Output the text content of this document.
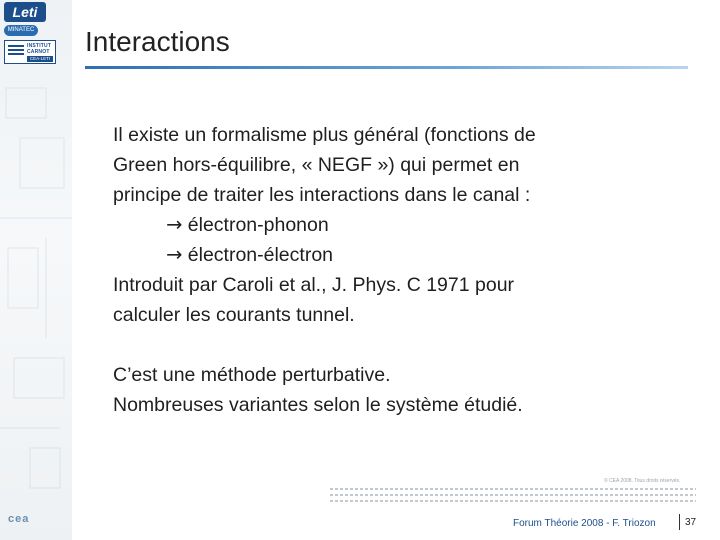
Leti
MINATEC
INSTITUT
CARNOT
CEA-LETI
cea
Interactions
Il existe un formalisme plus général (fonctions de
Green hors-équilibre, « NEGF ») qui permet en
principe de traiter les interactions dans le canal :
→ électron-phonon
→ électron-électron
Introduit par Caroli et al., J. Phys. C 1971 pour
calculer les courants tunnel.
C’est une méthode perturbative.
Nombreuses variantes selon le système étudié.
© CEA 2008. Tous droits réservés.
Forum Théorie 2008 - F. Triozon	37
